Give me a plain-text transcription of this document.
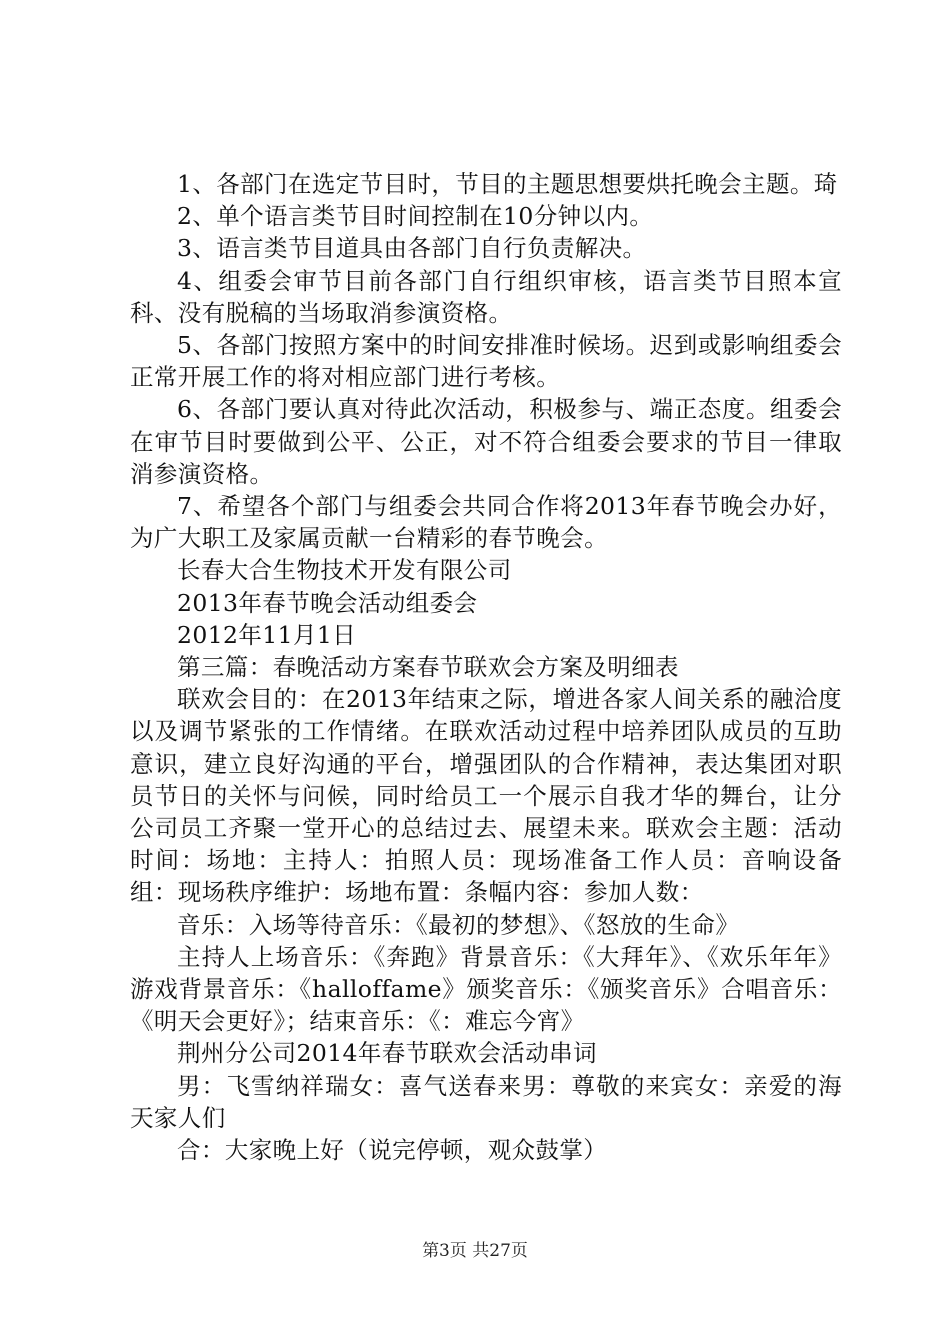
1、各部门在选定节目时，节目的主题思想要烘托晚会主题。琦

2、单个语言类节目时间控制在10分钟以内。

3、语言类节目道具由各部门自行负责解决。

4、组委会审节目前各部门自行组织审核，语言类节目照本宣科、没有脱稿的当场取消参演资格。

5、各部门按照方案中的时间安排准时候场。迟到或影响组委会正常开展工作的将对相应部门进行考核。

6、各部门要认真对待此次活动，积极参与、端正态度。组委会在审节目时要做到公平、公正，对不符合组委会要求的节目一律取消参演资格。

7、希望各个部门与组委会共同合作将2013年春节晚会办好，为广大职工及家属贡献一台精彩的春节晚会。

长春大合生物技术开发有限公司

2013年春节晚会活动组委会

2012年11月1日

第三篇：春晚活动方案春节联欢会方案及明细表

联欢会目的：在2013年结束之际，增进各家人间关系的融洽度以及调节紧张的工作情绪。在联欢活动过程中培养团队成员的互助意识，建立良好沟通的平台，增强团队的合作精神，表达集团对职员节日的关怀与问候，同时给员工一个展示自我才华的舞台，让分公司员工齐聚一堂开心的总结过去、展望未来。联欢会主题：活动时间：场地：主持人：拍照人员：现场准备工作人员：音响设备组：现场秩序维护：场地布置：条幅内容：参加人数：

音乐：入场等待音乐：《最初的梦想》、《怒放的生命》

主持人上场音乐：《奔跑》背景音乐：《大拜年》、《欢乐年年》游戏背景音乐：《halloffame》颁奖音乐：《颁奖音乐》合唱音乐：《明天会更好》；结束音乐：《：难忘今宵》

荆州分公司2014年春节联欢会活动串词

男：飞雪纳祥瑞女：喜气送春来男：尊敬的来宾女：亲爱的海天家人们

合：大家晚上好（说完停顿，观众鼓掌）

第3页 共27页
